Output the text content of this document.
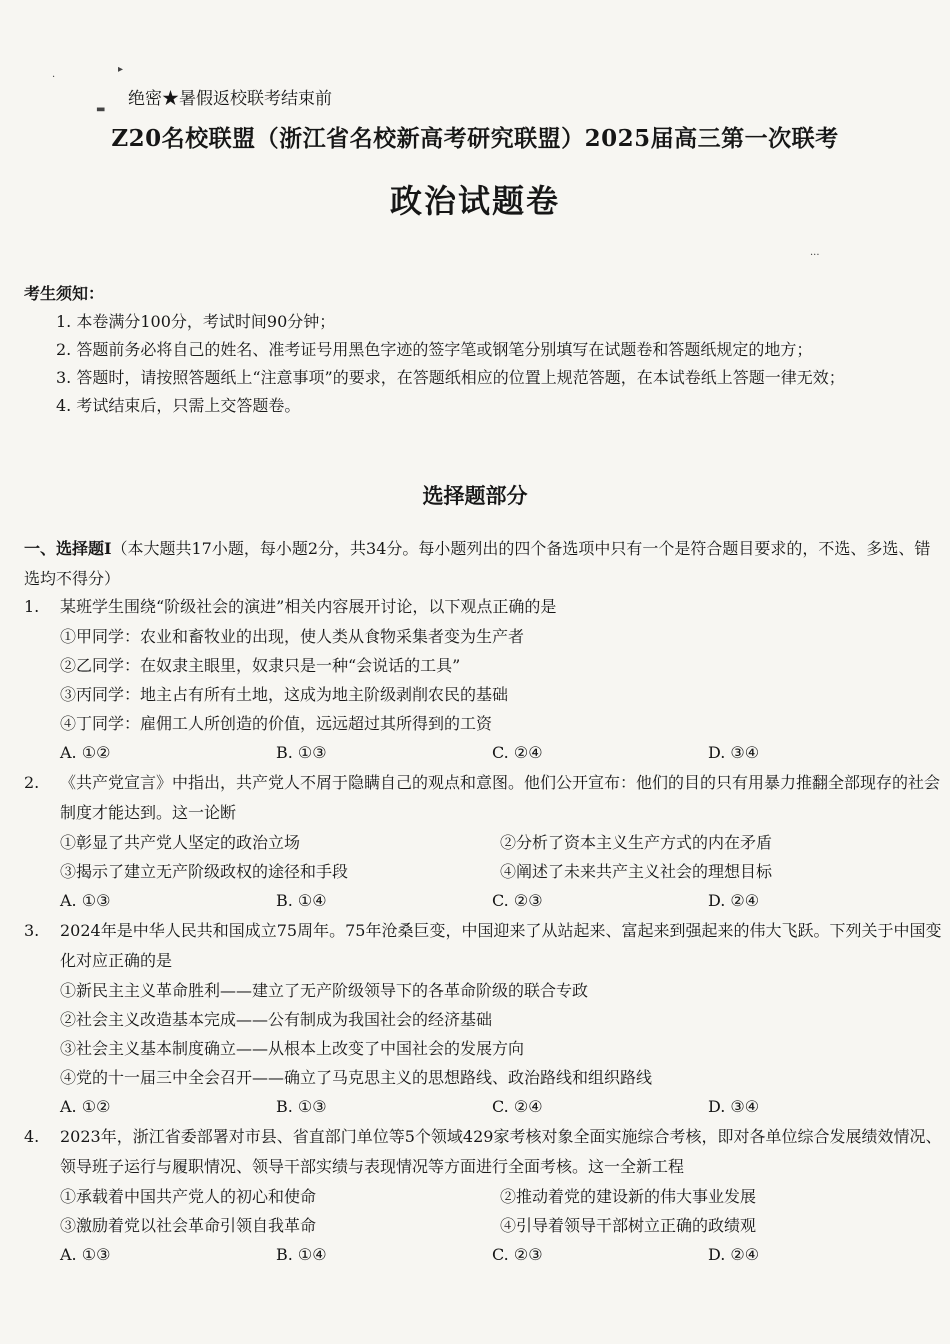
·
▸
▬
···
绝密★暑假返校联考结束前
Z20名校联盟（浙江省名校新高考研究联盟）2025届高三第一次联考
政治试题卷
考生须知：
1. 本卷满分100分，考试时间90分钟；
2. 答题前务必将自己的姓名、准考证号用黑色字迹的签字笔或钢笔分别填写在试题卷和答题纸规定的地方；
3. 答题时，请按照答题纸上“注意事项”的要求，在答题纸相应的位置上规范答题，在本试卷纸上答题一律无效；
4. 考试结束后，只需上交答题卷。
选择题部分
一、选择题Ⅰ（本大题共17小题，每小题2分，共34分。每小题列出的四个备选项中只有一个是符合题目要求的，不选、多选、错选均不得分）
1. 某班学生围绕“阶级社会的演进”相关内容展开讨论，以下观点正确的是
①甲同学：农业和畜牧业的出现，使人类从食物采集者变为生产者
②乙同学：在奴隶主眼里，奴隶只是一种“会说话的工具”
③丙同学：地主占有所有土地，这成为地主阶级剥削农民的基础
④丁同学：雇佣工人所创造的价值，远远超过其所得到的工资
A. ①②	B. ①③	C. ②④	D. ③④
2. 《共产党宣言》中指出，共产党人不屑于隐瞒自己的观点和意图。他们公开宣布：他们的目的只有用暴力推翻全部现存的社会制度才能达到。这一论断
①彰显了共产党人坚定的政治立场	②分析了资本主义生产方式的内在矛盾
③揭示了建立无产阶级政权的途径和手段	④阐述了未来共产主义社会的理想目标
A. ①③	B. ①④	C. ②③	D. ②④
3. 2024年是中华人民共和国成立75周年。75年沧桑巨变，中国迎来了从站起来、富起来到强起来的伟大飞跃。下列关于中国变化对应正确的是
①新民主主义革命胜利——建立了无产阶级领导下的各革命阶级的联合专政
②社会主义改造基本完成——公有制成为我国社会的经济基础
③社会主义基本制度确立——从根本上改变了中国社会的发展方向
④党的十一届三中全会召开——确立了马克思主义的思想路线、政治路线和组织路线
A. ①②	B. ①③	C. ②④	D. ③④
4. 2023年，浙江省委部署对市县、省直部门单位等5个领域429家考核对象全面实施综合考核，即对各单位综合发展绩效情况、领导班子运行与履职情况、领导干部实绩与表现情况等方面进行全面考核。这一全新工程
①承载着中国共产党人的初心和使命	②推动着党的建设新的伟大事业发展
③激励着党以社会革命引领自我革命	④引导着领导干部树立正确的政绩观
A. ①③	B. ①④	C. ②③	D. ②④
